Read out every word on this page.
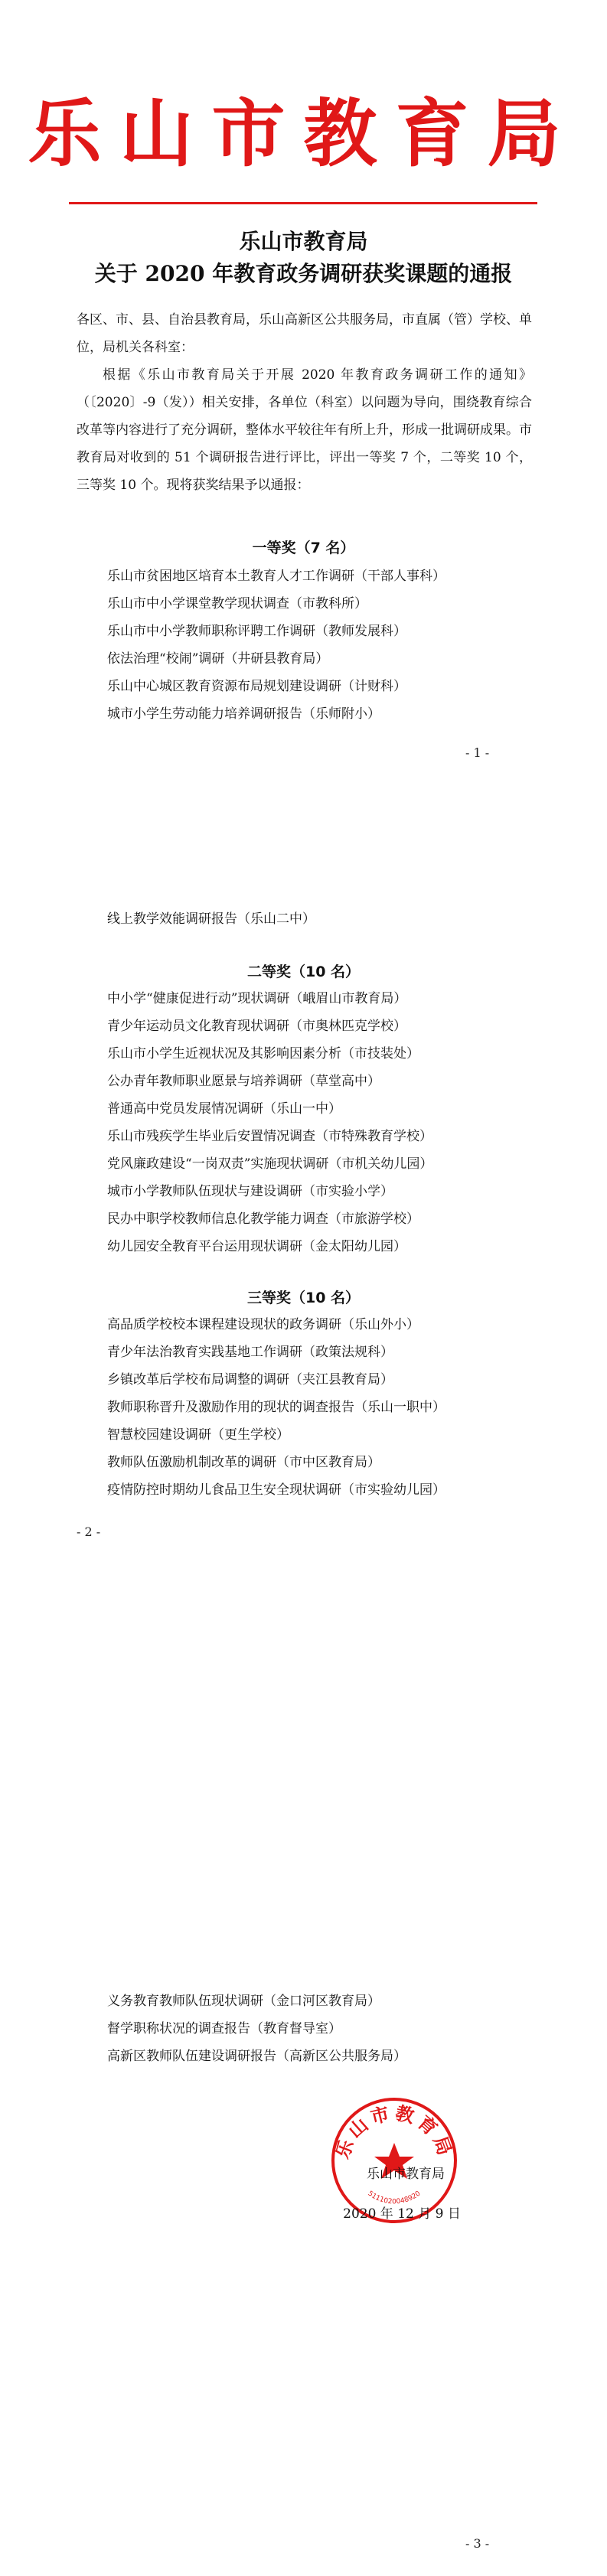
乐山市教育局
乐山市教育局
关于 2020 年教育政务调研获奖课题的通报
各区、市、县、自治县教育局，乐山高新区公共服务局，市直属（管）学校、单位，局机关各科室：
根据《乐山市教育局关于开展 2020 年教育政务调研工作的通知》（〔2020〕-9（发））相关安排，各单位（科室）以问题为导向，围绕教育综合改革等内容进行了充分调研，整体水平较往年有所上升，形成一批调研成果。市教育局对收到的 51 个调研报告进行评比，评出一等奖 7 个，二等奖 10 个，三等奖 10 个。现将获奖结果予以通报：
一等奖（7 名）
乐山市贫困地区培育本土教育人才工作调研（干部人事科）
乐山市中小学课堂教学现状调查（市教科所）
乐山市中小学教师职称评聘工作调研（教师发展科）
依法治理“校闹”调研（井研县教育局）
乐山中心城区教育资源布局规划建设调研（计财科）
城市小学生劳动能力培养调研报告（乐师附小）
- 1 -
线上教学效能调研报告（乐山二中）
二等奖（10 名）
中小学“健康促进行动”现状调研（峨眉山市教育局）
青少年运动员文化教育现状调研（市奥林匹克学校）
乐山市小学生近视状况及其影响因素分析（市技装处）
公办青年教师职业愿景与培养调研（草堂高中）
普通高中党员发展情况调研（乐山一中）
乐山市残疾学生毕业后安置情况调查（市特殊教育学校）
党风廉政建设“一岗双责”实施现状调研（市机关幼儿园）
城市小学教师队伍现状与建设调研（市实验小学）
民办中职学校教师信息化教学能力调查（市旅游学校）
幼儿园安全教育平台运用现状调研（金太阳幼儿园）
三等奖（10 名）
高品质学校校本课程建设现状的政务调研（乐山外小）
青少年法治教育实践基地工作调研（政策法规科）
乡镇改革后学校布局调整的调研（夹江县教育局）
教师职称晋升及激励作用的现状的调查报告（乐山一职中）
智慧校园建设调研（更生学校）
教师队伍激励机制改革的调研（市中区教育局）
疫情防控时期幼儿食品卫生安全现状调研（市实验幼儿园）
- 2 -
义务教育教师队伍现状调研（金口河区教育局）
督学职称状况的调查报告（教育督导室）
高新区教师队伍建设调研报告（高新区公共服务局）
乐山市教育局
5111020048920
乐山市教育局
2020 年 12 月 9 日
- 3 -
